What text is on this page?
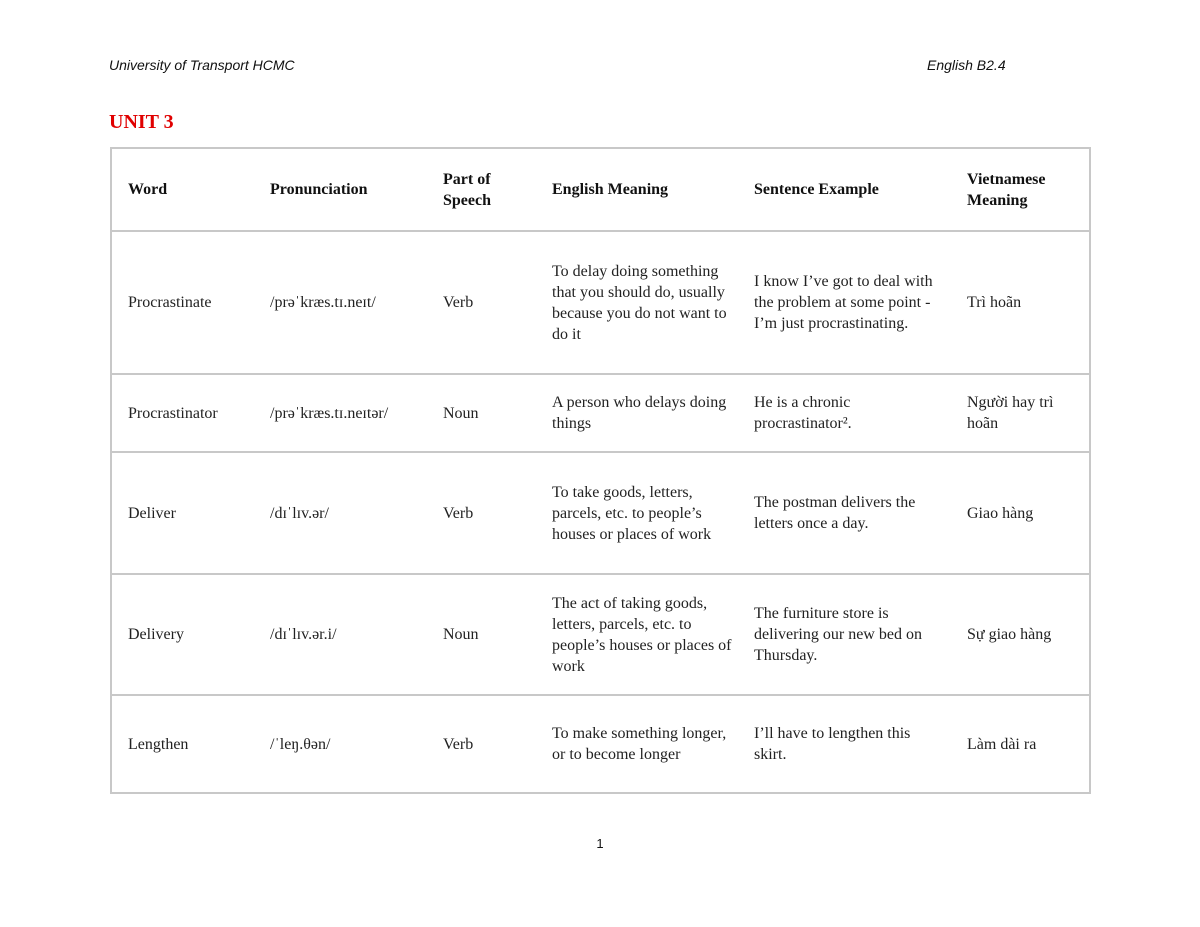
University of Transport HCMC	English B2.4
UNIT 3
Word	Pronunciation	Part of Speech	English Meaning	Sentence Example	Vietnamese Meaning
Procrastinate	/prəˈkræs.tɪ.neɪt/	Verb	To delay doing something that you should do, usually because you do not want to do it	I know I’ve got to deal with the problem at some point - I’m just procrastinating.	Trì hoãn
Procrastinator	/prəˈkræs.tɪ.neɪtər/	Noun	A person who delays doing things	He is a chronic procrastinator².	Người hay trì hoãn
Deliver	/dɪˈlɪv.ər/	Verb	To take goods, letters, parcels, etc. to people’s houses or places of work	The postman delivers the letters once a day.	Giao hàng
Delivery	/dɪˈlɪv.ər.i/	Noun	The act of taking goods, letters, parcels, etc. to people’s houses or places of work	The furniture store is delivering our new bed on Thursday.	Sự giao hàng
Lengthen	/ˈleŋ.θən/	Verb	To make something longer, or to become longer	I’ll have to lengthen this skirt.	Làm dài ra
1
